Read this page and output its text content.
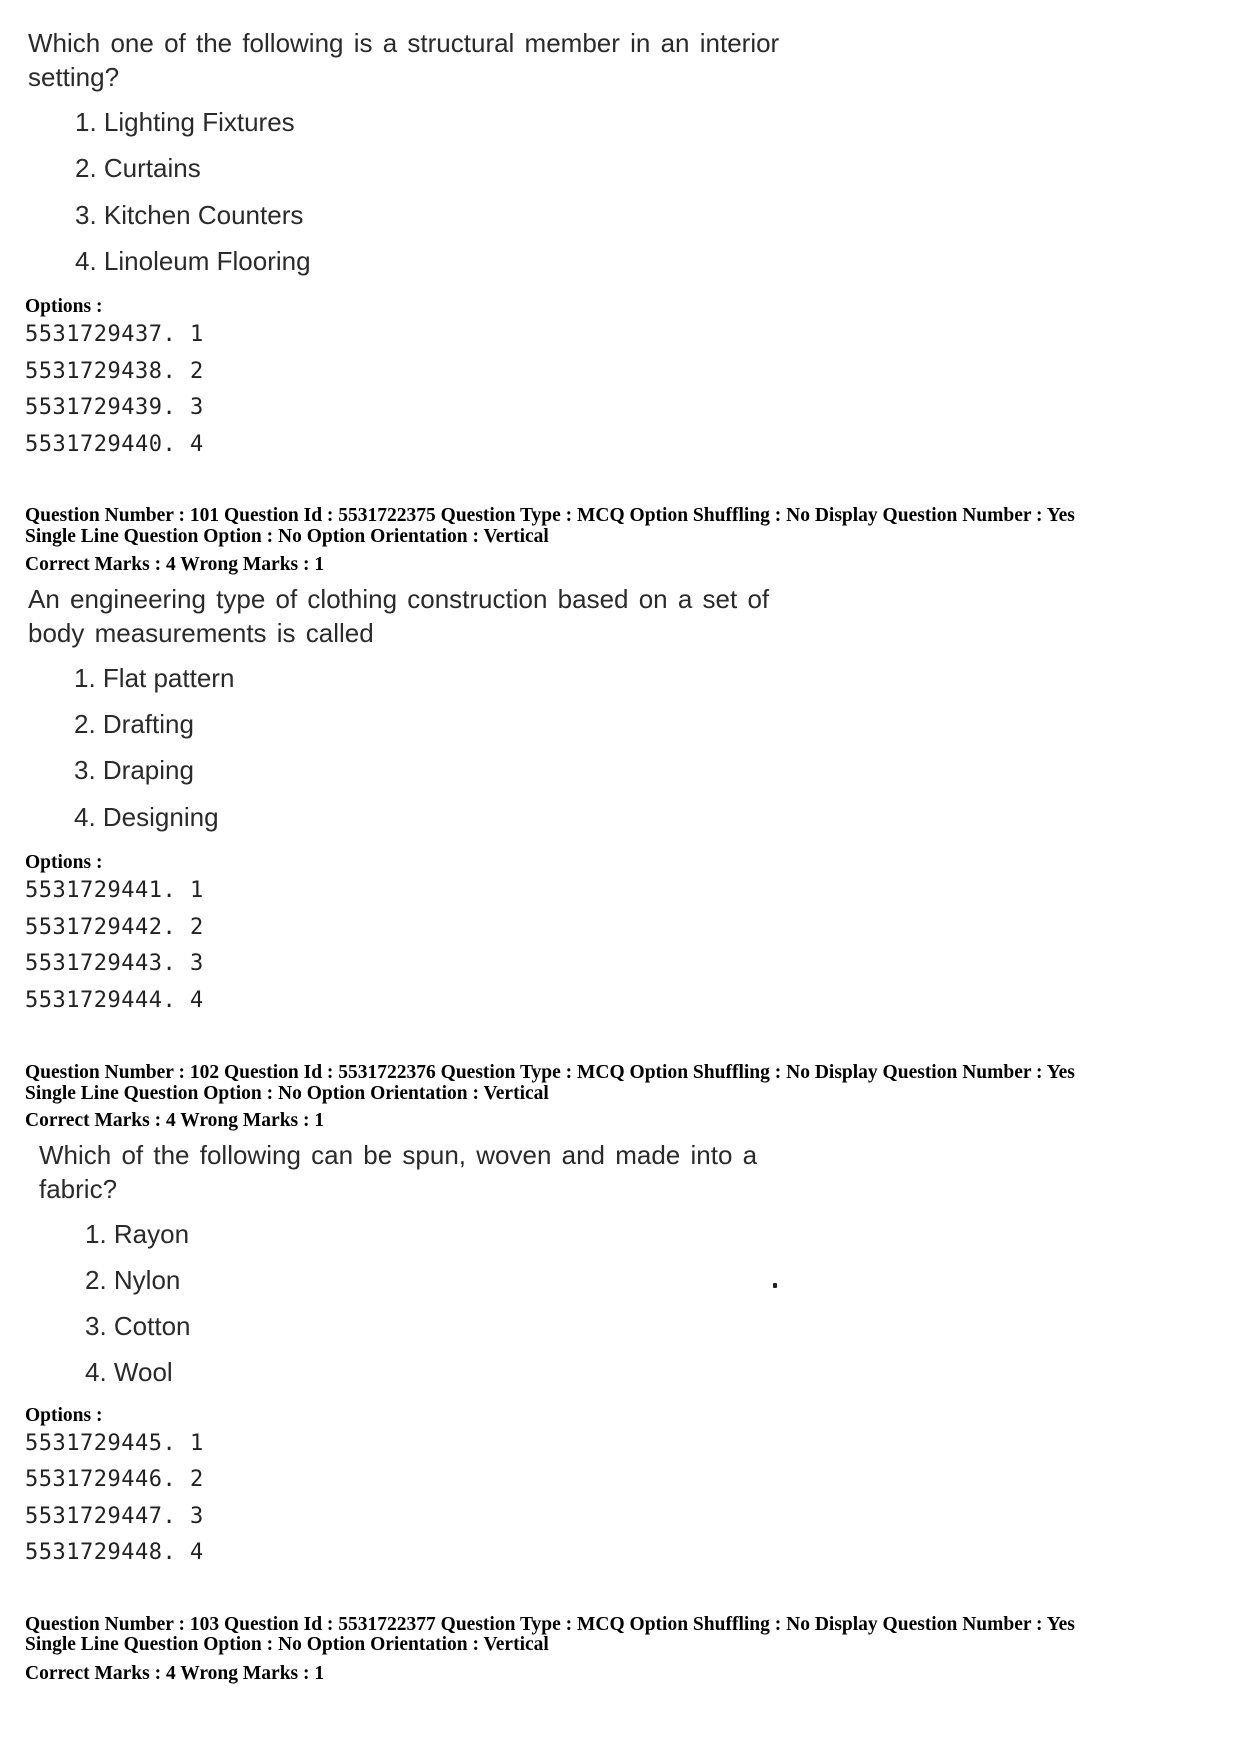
Which one of the following is a structural member in an interior
setting?
1. Lighting Fixtures
2. Curtains
3. Kitchen Counters
4. Linoleum Flooring
Options :
5531729437. 1
5531729438. 2
5531729439. 3
5531729440. 4
Question Number : 101 Question Id : 5531722375 Question Type : MCQ Option Shuffling : No Display Question Number : Yes
Single Line Question Option : No Option Orientation : Vertical
Correct Marks : 4 Wrong Marks : 1
An engineering type of clothing construction based on a set of
body measurements is called
1. Flat pattern
2. Drafting
3. Draping
4. Designing
Options :
5531729441. 1
5531729442. 2
5531729443. 3
5531729444. 4
Question Number : 102 Question Id : 5531722376 Question Type : MCQ Option Shuffling : No Display Question Number : Yes
Single Line Question Option : No Option Orientation : Vertical
Correct Marks : 4 Wrong Marks : 1
Which of the following can be spun, woven and made into a
fabric?
1. Rayon
2. Nylon
3. Cotton
4. Wool
Options :
5531729445. 1
5531729446. 2
5531729447. 3
5531729448. 4
Question Number : 103 Question Id : 5531722377 Question Type : MCQ Option Shuffling : No Display Question Number : Yes
Single Line Question Option : No Option Orientation : Vertical
Correct Marks : 4 Wrong Marks : 1
